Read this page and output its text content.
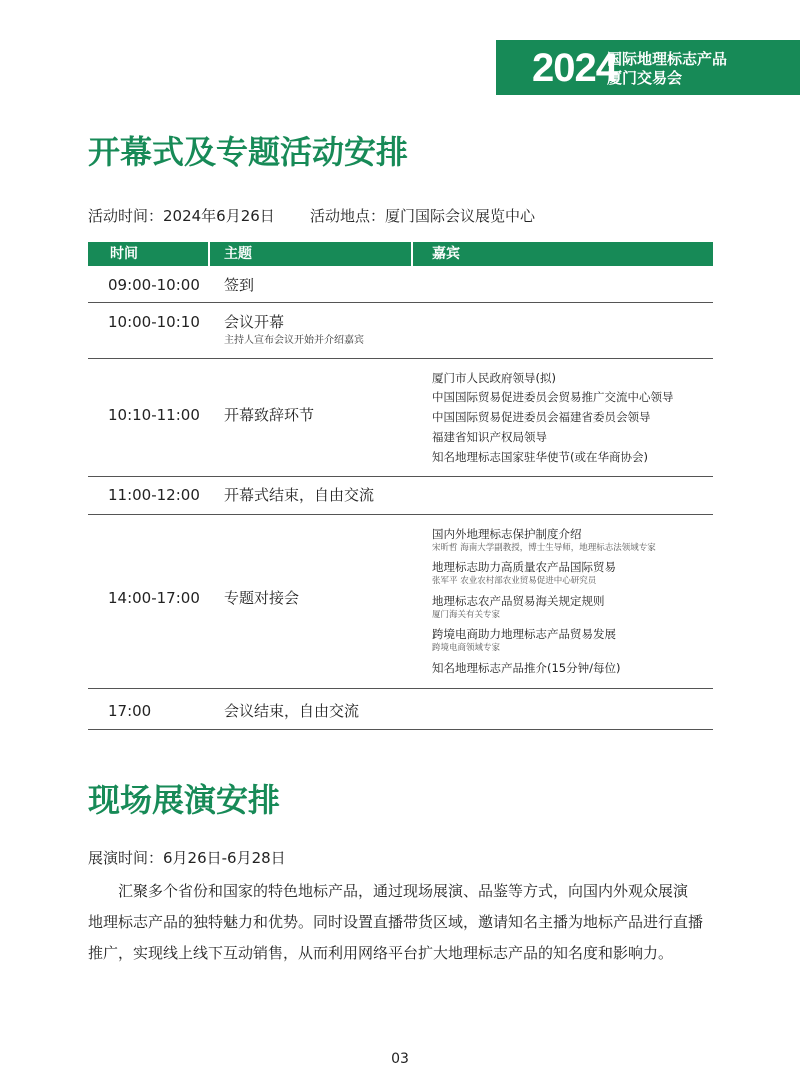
2024
国际地理标志产品
厦门交易会
开幕式及专题活动安排
活动时间：2024年6月26日 活动地点：厦门国际会议展览中心
时间	主题	嘉宾
09:00-10:00 签到
10:00-10:10 会议开幕
主持人宣布会议开始并介绍嘉宾
10:10-11:00 开幕致辞环节
厦门市人民政府领导(拟)
中国国际贸易促进委员会贸易推广交流中心领导
中国国际贸易促进委员会福建省委员会领导
福建省知识产权局领导
知名地理标志国家驻华使节(或在华商协会)
11:00-12:00 开幕式结束，自由交流
14:00-17:00 专题对接会
国内外地理标志保护制度介绍
宋昕哲 海南大学副教授，博士生导师，地理标志法领域专家
地理标志助力高质量农产品国际贸易
张军平 农业农村部农业贸易促进中心研究员
地理标志农产品贸易海关规定规则
厦门海关有关专家
跨境电商助力地理标志产品贸易发展
跨境电商领域专家
知名地理标志产品推介(15分钟/每位)
17:00	会议结束，自由交流
现场展演安排
展演时间：6月26日-6月28日
汇聚多个省份和国家的特色地标产品，通过现场展演、品鉴等方式，向国内外观众展演
地理标志产品的独特魅力和优势。同时设置直播带货区域，邀请知名主播为地标产品进行直播
推广，实现线上线下互动销售，从而利用网络平台扩大地理标志产品的知名度和影响力。
03
